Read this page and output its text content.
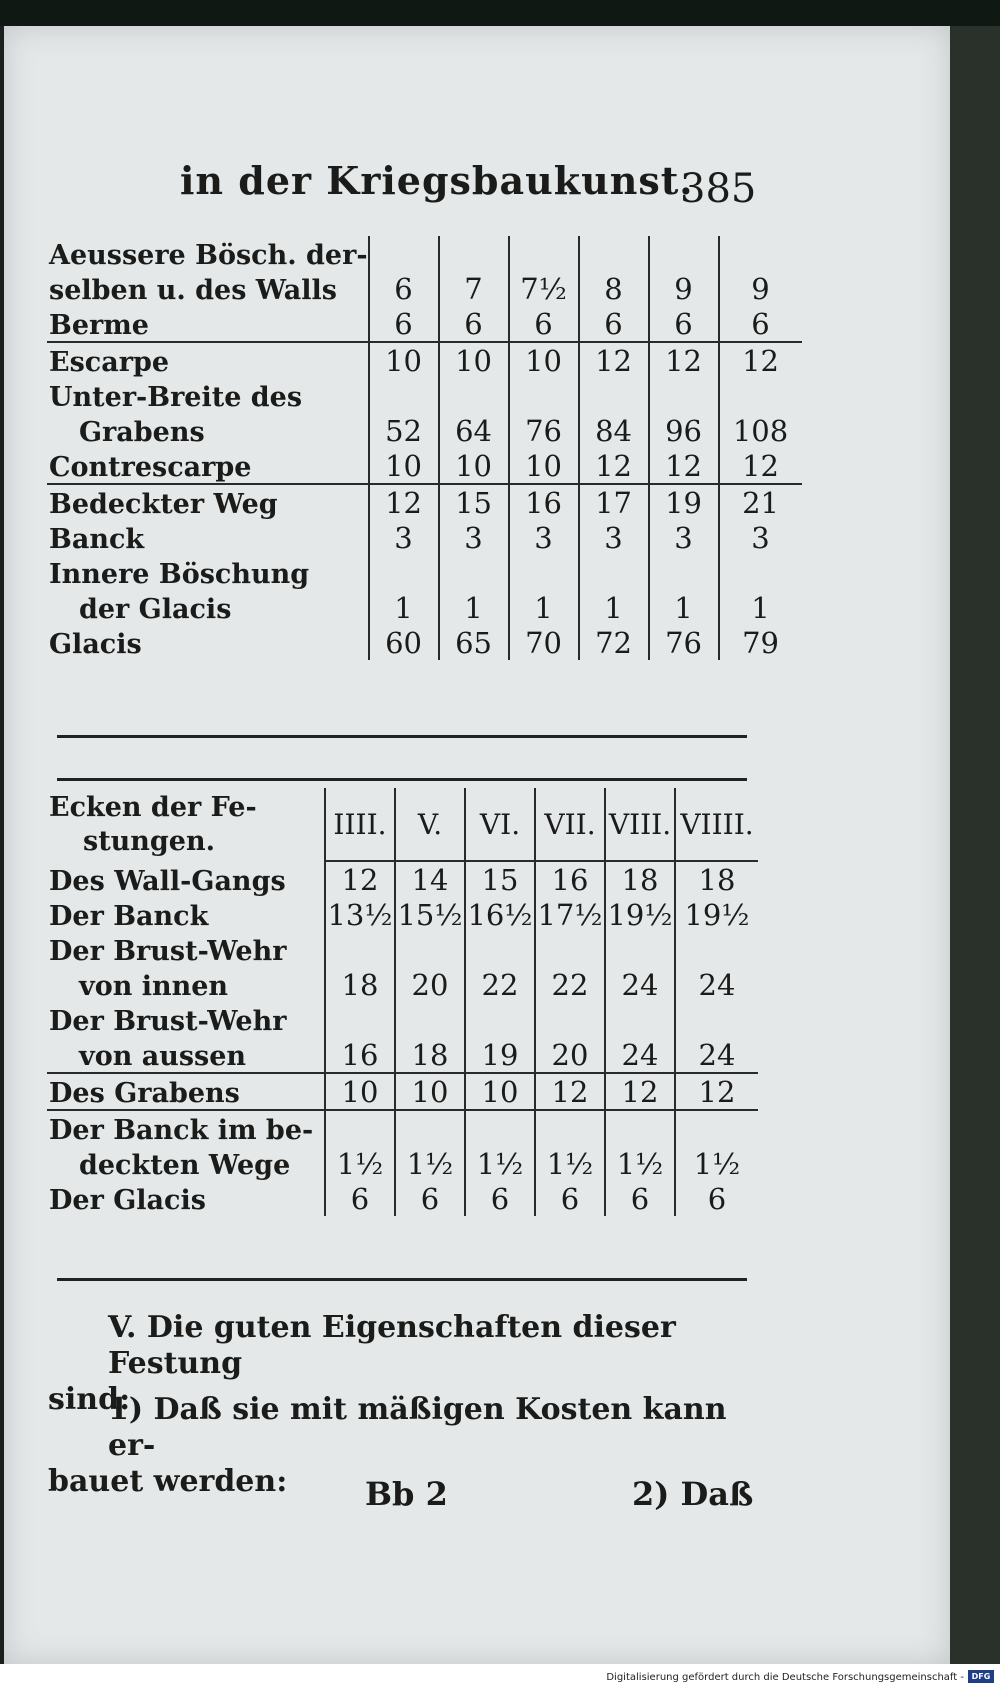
in der Kriegsbaukunst.
385
Aeussere Bösch. der-						
selben u. des Walls	6	7	7½	8	9	9
Berme	6	6	6	6	6	6
Escarpe	10	10	10	12	12	12
Unter-Breite des						
Grabens	52	64	76	84	96	108
Contrescarpe	10	10	10	12	12	12
Bedeckter Weg	12	15	16	17	19	21
Banck	3	3	3	3	3	3
Innere Böschung						
der Glacis	1	1	1	1	1	1
Glacis	60	65	70	72	76	79
Ecken der Fe-
stungen.	IIII.	V.	VI.	VII.	VIII.	VIIII.
Des Wall-Gangs	12	14	15	16	18	18
Der Banck	13½	15½	16½	17½	19½	19½
Der Brust-Wehr						
von innen	18	20	22	22	24	24
Der Brust-Wehr						
von aussen	16	18	19	20	24	24
Des Grabens	10	10	10	12	12	12
Der Banck im be-						
deckten Wege	1½	1½	1½	1½	1½	1½
Der Glacis	6	6	6	6	6	6
V. Die guten Eigenschaften dieser Festung
sind:
1) Daß sie mit mäßigen Kosten kann er-
bauet werden:	Bb 2	2) Daß
Digitalisierung gefördert durch die Deutsche Forschungsgemeinschaft - DFG
